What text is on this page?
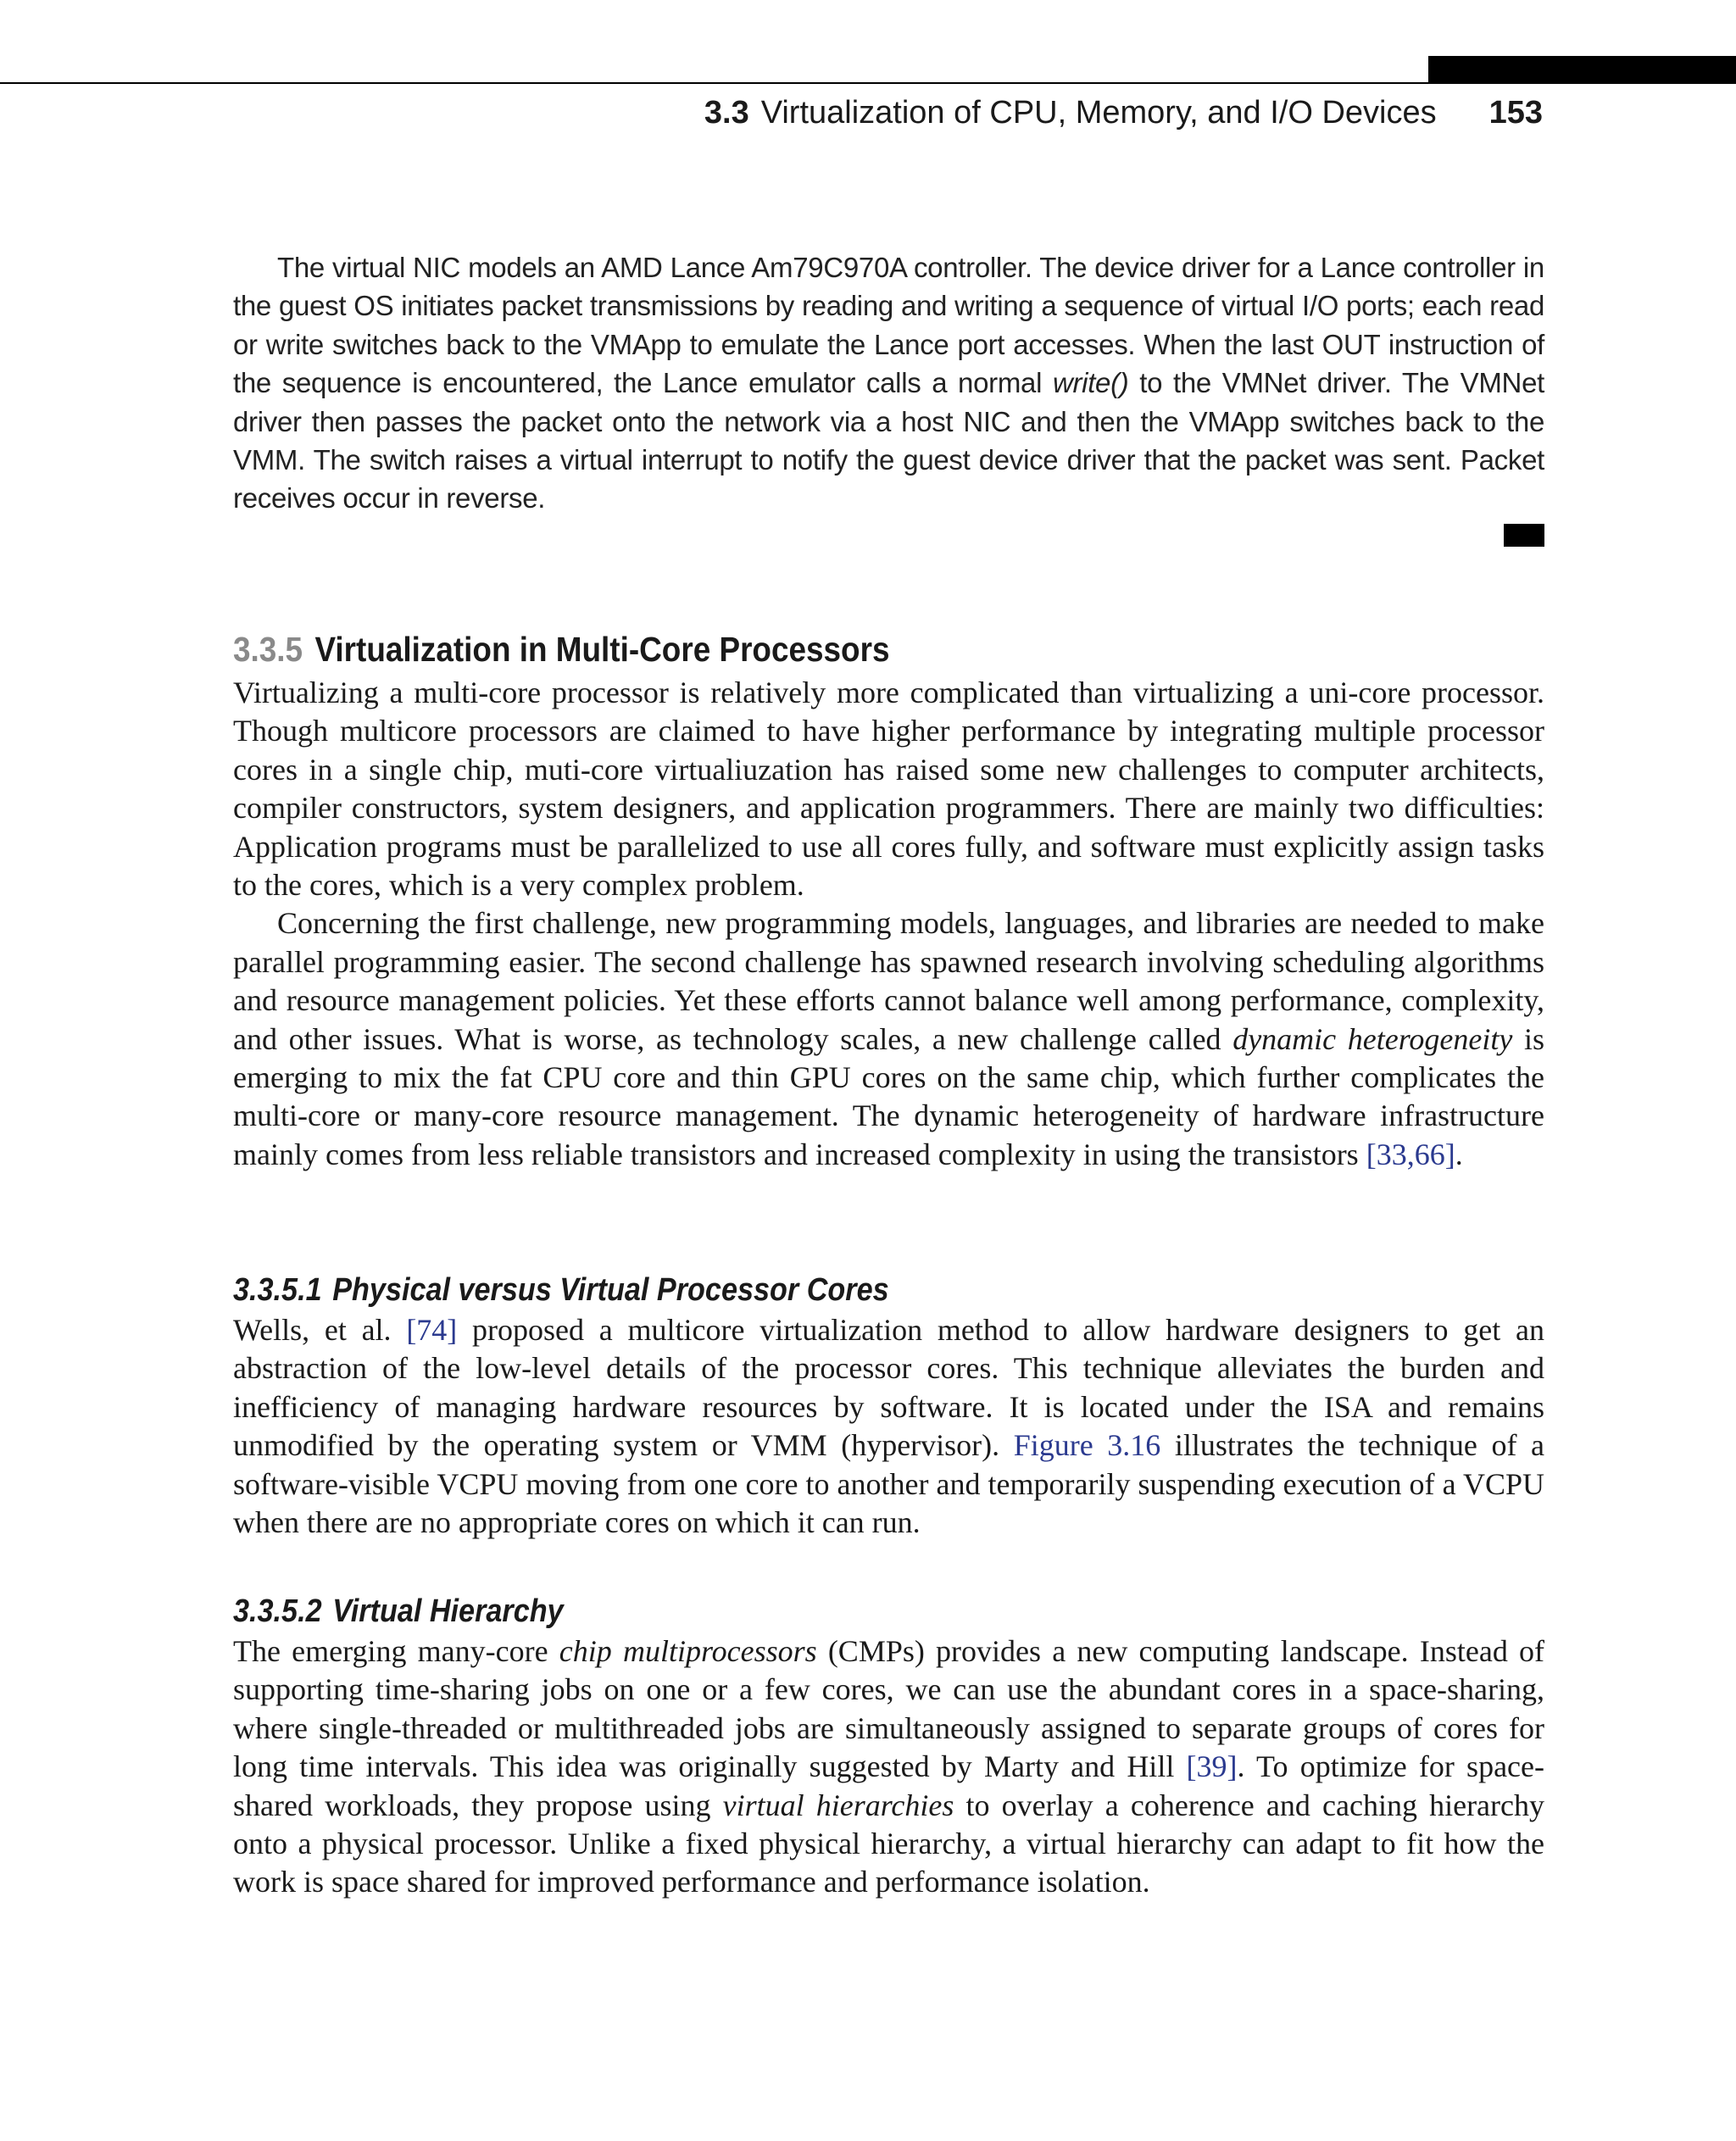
3.3 Virtualization of CPU, Memory, and I/O Devices 153

The virtual NIC models an AMD Lance Am79C970A controller. The device driver for a Lance controller in the guest OS initiates packet transmissions by reading and writing a sequence of virtual I/O ports; each read or write switches back to the VMApp to emulate the Lance port accesses. When the last OUT instruction of the sequence is encountered, the Lance emulator calls a normal write() to the VMNet driver. The VMNet driver then passes the packet onto the network via a host NIC and then the VMApp switches back to the VMM. The switch raises a virtual interrupt to notify the guest device driver that the packet was sent. Packet receives occur in reverse.

3.3.5 Virtualization in Multi-Core Processors

Virtualizing a multi-core processor is relatively more complicated than virtualizing a uni-core processor. Though multicore processors are claimed to have higher performance by integrating multiple processor cores in a single chip, muti-core virtualiuzation has raised some new challenges to computer architects, compiler constructors, system designers, and application programmers. There are mainly two difficulties: Application programs must be parallelized to use all cores fully, and software must explicitly assign tasks to the cores, which is a very complex problem.

Concerning the first challenge, new programming models, languages, and libraries are needed to make parallel programming easier. The second challenge has spawned research involving scheduling algorithms and resource management policies. Yet these efforts cannot balance well among performance, complexity, and other issues. What is worse, as technology scales, a new challenge called dynamic heterogeneity is emerging to mix the fat CPU core and thin GPU cores on the same chip, which further complicates the multi-core or many-core resource management. The dynamic heterogeneity of hardware infrastructure mainly comes from less reliable transistors and increased complexity in using the transistors [33,66].

3.3.5.1 Physical versus Virtual Processor Cores

Wells, et al. [74] proposed a multicore virtualization method to allow hardware designers to get an abstraction of the low-level details of the processor cores. This technique alleviates the burden and inefficiency of managing hardware resources by software. It is located under the ISA and remains unmodified by the operating system or VMM (hypervisor). Figure 3.16 illustrates the technique of a software-visible VCPU moving from one core to another and temporarily suspending execution of a VCPU when there are no appropriate cores on which it can run.

3.3.5.2 Virtual Hierarchy

The emerging many-core chip multiprocessors (CMPs) provides a new computing landscape. Instead of supporting time-sharing jobs on one or a few cores, we can use the abundant cores in a space-sharing, where single-threaded or multithreaded jobs are simultaneously assigned to separate groups of cores for long time intervals. This idea was originally suggested by Marty and Hill [39]. To optimize for space-shared workloads, they propose using virtual hierarchies to overlay a coherence and caching hierarchy onto a physical processor. Unlike a fixed physical hierarchy, a virtual hierarchy can adapt to fit how the work is space shared for improved performance and performance isolation.
